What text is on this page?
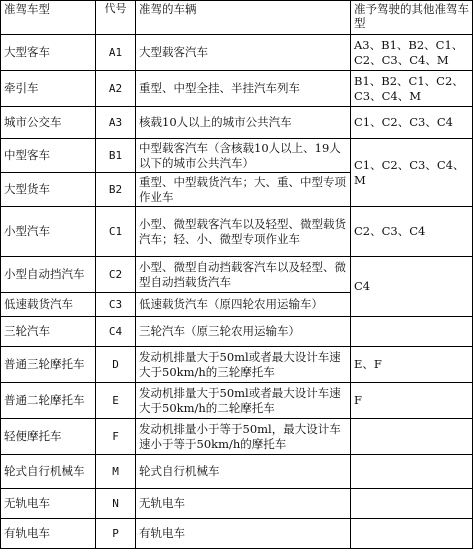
准驾车型	代号	准驾的车辆	准予驾驶的其他准驾车型
大型客车	A1	大型载客汽车	A3、B1、B2、C1、C2、C3、C4、M
牵引车	A2	重型、中型全挂、半挂汽车列车	B1、B2、C1、C2、C3、C4、M
城市公交车	A3	核载10人以上的城市公共汽车	C1、C2、C3、C4
中型客车	B1	中型载客汽车（含核载10人以上、19人以下的城市公共汽车）	C1、C2、C3、C4、M
大型货车	B2	重型、中型载货汽车；大、重、中型专项作业车	
小型汽车	C1	小型、微型载客汽车以及轻型、微型载货汽车；轻、小、微型专项作业车	C2、C3、C4
小型自动挡汽车	C2	小型、微型自动挡载客汽车以及轻型、微型自动挡载货汽车	C4
低速载货汽车	C3	低速载货汽车（原四轮农用运输车）	
三轮汽车	C4	三轮汽车（原三轮农用运输车）	
普通三轮摩托车	D	发动机排量大于50ml或者最大设计车速大于50km/h的三轮摩托车	E、F
普通二轮摩托车	E	发动机排量大于50ml或者最大设计车速大于50km/h的二轮摩托车	F
轻便摩托车	F	发动机排量小于等于50ml，最大设计车速小于等于50km/h的摩托车	
轮式自行机械车	M	轮式自行机械车	
无轨电车	N	无轨电车	
有轨电车	P	有轨电车	
